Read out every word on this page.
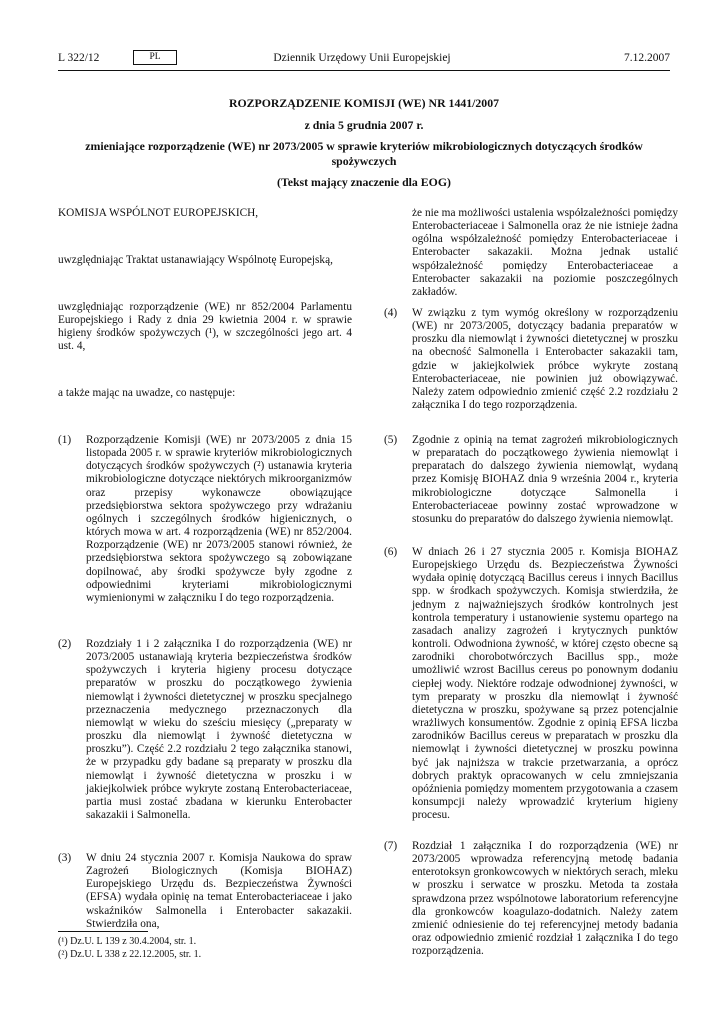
L 322/12	PL	Dziennik Urzędowy Unii Europejskiej	7.12.2007
ROZPORZĄDZENIE KOMISJI (WE) NR 1441/2007
z dnia 5 grudnia 2007 r.
zmieniające rozporządzenie (WE) nr 2073/2005 w sprawie kryteriów mikrobiologicznych dotyczących środków spożywczych
(Tekst mający znaczenie dla EOG)
KOMISJA WSPÓLNOT EUROPEJSKICH,
uwzględniając Traktat ustanawiający Wspólnotę Europejską,
uwzględniając rozporządzenie (WE) nr 852/2004 Parlamentu Europejskiego i Rady z dnia 29 kwietnia 2004 r. w sprawie higieny środków spożywczych (¹), w szczególności jego art. 4 ust. 4,
a także mając na uwadze, co następuje:
(1)	Rozporządzenie Komisji (WE) nr 2073/2005 z dnia 15 listopada 2005 r. w sprawie kryteriów mikrobiologicznych dotyczących środków spożywczych (²) ustanawia kryteria mikrobiologiczne dotyczące niektórych mikroorganizmów oraz przepisy wykonawcze obowiązujące przedsiębiorstwa sektora spożywczego przy wdrażaniu ogólnych i szczególnych środków higienicznych, o których mowa w art. 4 rozporządzenia (WE) nr 852/2004. Rozporządzenie (WE) nr 2073/2005 stanowi również, że przedsiębiorstwa sektora spożywczego są zobowiązane dopilnować, aby środki spożywcze były zgodne z odpowiednimi kryteriami mikrobiologicznymi wymienionymi w załączniku I do tego rozporządzenia.
(2)	Rozdziały 1 i 2 załącznika I do rozporządzenia (WE) nr 2073/2005 ustanawiają kryteria bezpieczeństwa środków spożywczych i kryteria higieny procesu dotyczące preparatów w proszku do początkowego żywienia niemowląt i żywności dietetycznej w proszku specjalnego przeznaczenia medycznego przeznaczonych dla niemowląt w wieku do sześciu miesięcy („preparaty w proszku dla niemowląt i żywność dietetyczna w proszku”). Część 2.2 rozdziału 2 tego załącznika stanowi, że w przypadku gdy badane są preparaty w proszku dla niemowląt i żywność dietetyczna w proszku i w jakiejkolwiek próbce wykryte zostaną Enterobacteriaceae, partia musi zostać zbadana w kierunku Enterobacter sakazakii i Salmonella.
(3)	W dniu 24 stycznia 2007 r. Komisja Naukowa do spraw Zagrożeń Biologicznych (Komisja BIOHAZ) Europejskiego Urzędu ds. Bezpieczeństwa Żywności (EFSA) wydała opinię na temat Enterobacteriaceae i jako wskaźników Salmonella i Enterobacter sakazakii. Stwierdziła ona,
że nie ma możliwości ustalenia współzależności pomiędzy Enterobacteriaceae i Salmonella oraz że nie istnieje żadna ogólna współzależność pomiędzy Enterobacteriaceae i Enterobacter sakazakii. Można jednak ustalić współzależność pomiędzy Enterobacteriaceae a Enterobacter sakazakii na poziomie poszczególnych zakładów.
(4)	W związku z tym wymóg określony w rozporządzeniu (WE) nr 2073/2005, dotyczący badania preparatów w proszku dla niemowląt i żywności dietetycznej w proszku na obecność Salmonella i Enterobacter sakazakii tam, gdzie w jakiejkolwiek próbce wykryte zostaną Enterobacteriaceae, nie powinien już obowiązywać. Należy zatem odpowiednio zmienić część 2.2 rozdziału 2 załącznika I do tego rozporządzenia.
(5)	Zgodnie z opinią na temat zagrożeń mikrobiologicznych w preparatach do początkowego żywienia niemowląt i preparatach do dalszego żywienia niemowląt, wydaną przez Komisję BIOHAZ dnia 9 września 2004 r., kryteria mikrobiologiczne dotyczące Salmonella i Enterobacteriaceae powinny zostać wprowadzone w stosunku do preparatów do dalszego żywienia niemowląt.
(6)	W dniach 26 i 27 stycznia 2005 r. Komisja BIOHAZ Europejskiego Urzędu ds. Bezpieczeństwa Żywności wydała opinię dotyczącą Bacillus cereus i innych Bacillus spp. w środkach spożywczych. Komisja stwierdziła, że jednym z najważniejszych środków kontrolnych jest kontrola temperatury i ustanowienie systemu opartego na zasadach analizy zagrożeń i krytycznych punktów kontroli. Odwodniona żywność, w której często obecne są zarodniki chorobotwórczych Bacillus spp., może umożliwić wzrost Bacillus cereus po ponownym dodaniu ciepłej wody. Niektóre rodzaje odwodnionej żywności, w tym preparaty w proszku dla niemowląt i żywność dietetyczna w proszku, spożywane są przez potencjalnie wrażliwych konsumentów. Zgodnie z opinią EFSA liczba zarodników Bacillus cereus w preparatach w proszku dla niemowląt i żywności dietetycznej w proszku powinna być jak najniższa w trakcie przetwarzania, a oprócz dobrych praktyk opracowanych w celu zmniejszania opóźnienia pomiędzy momentem przygotowania a czasem konsumpcji należy wprowadzić kryterium higieny procesu.
(7)	Rozdział 1 załącznika I do rozporządzenia (WE) nr 2073/2005 wprowadza referencyjną metodę badania enterotoksyn gronkowcowych w niektórych serach, mleku w proszku i serwatce w proszku. Metoda ta została sprawdzona przez wspólnotowe laboratorium referencyjne dla gronkowców koagulazo-dodatnich. Należy zatem zmienić odniesienie do tej referencyjnej metody badania oraz odpowiednio zmienić rozdział 1 załącznika I do tego rozporządzenia.
(¹) Dz.U. L 139 z 30.4.2004, str. 1.
(²) Dz.U. L 338 z 22.12.2005, str. 1.
